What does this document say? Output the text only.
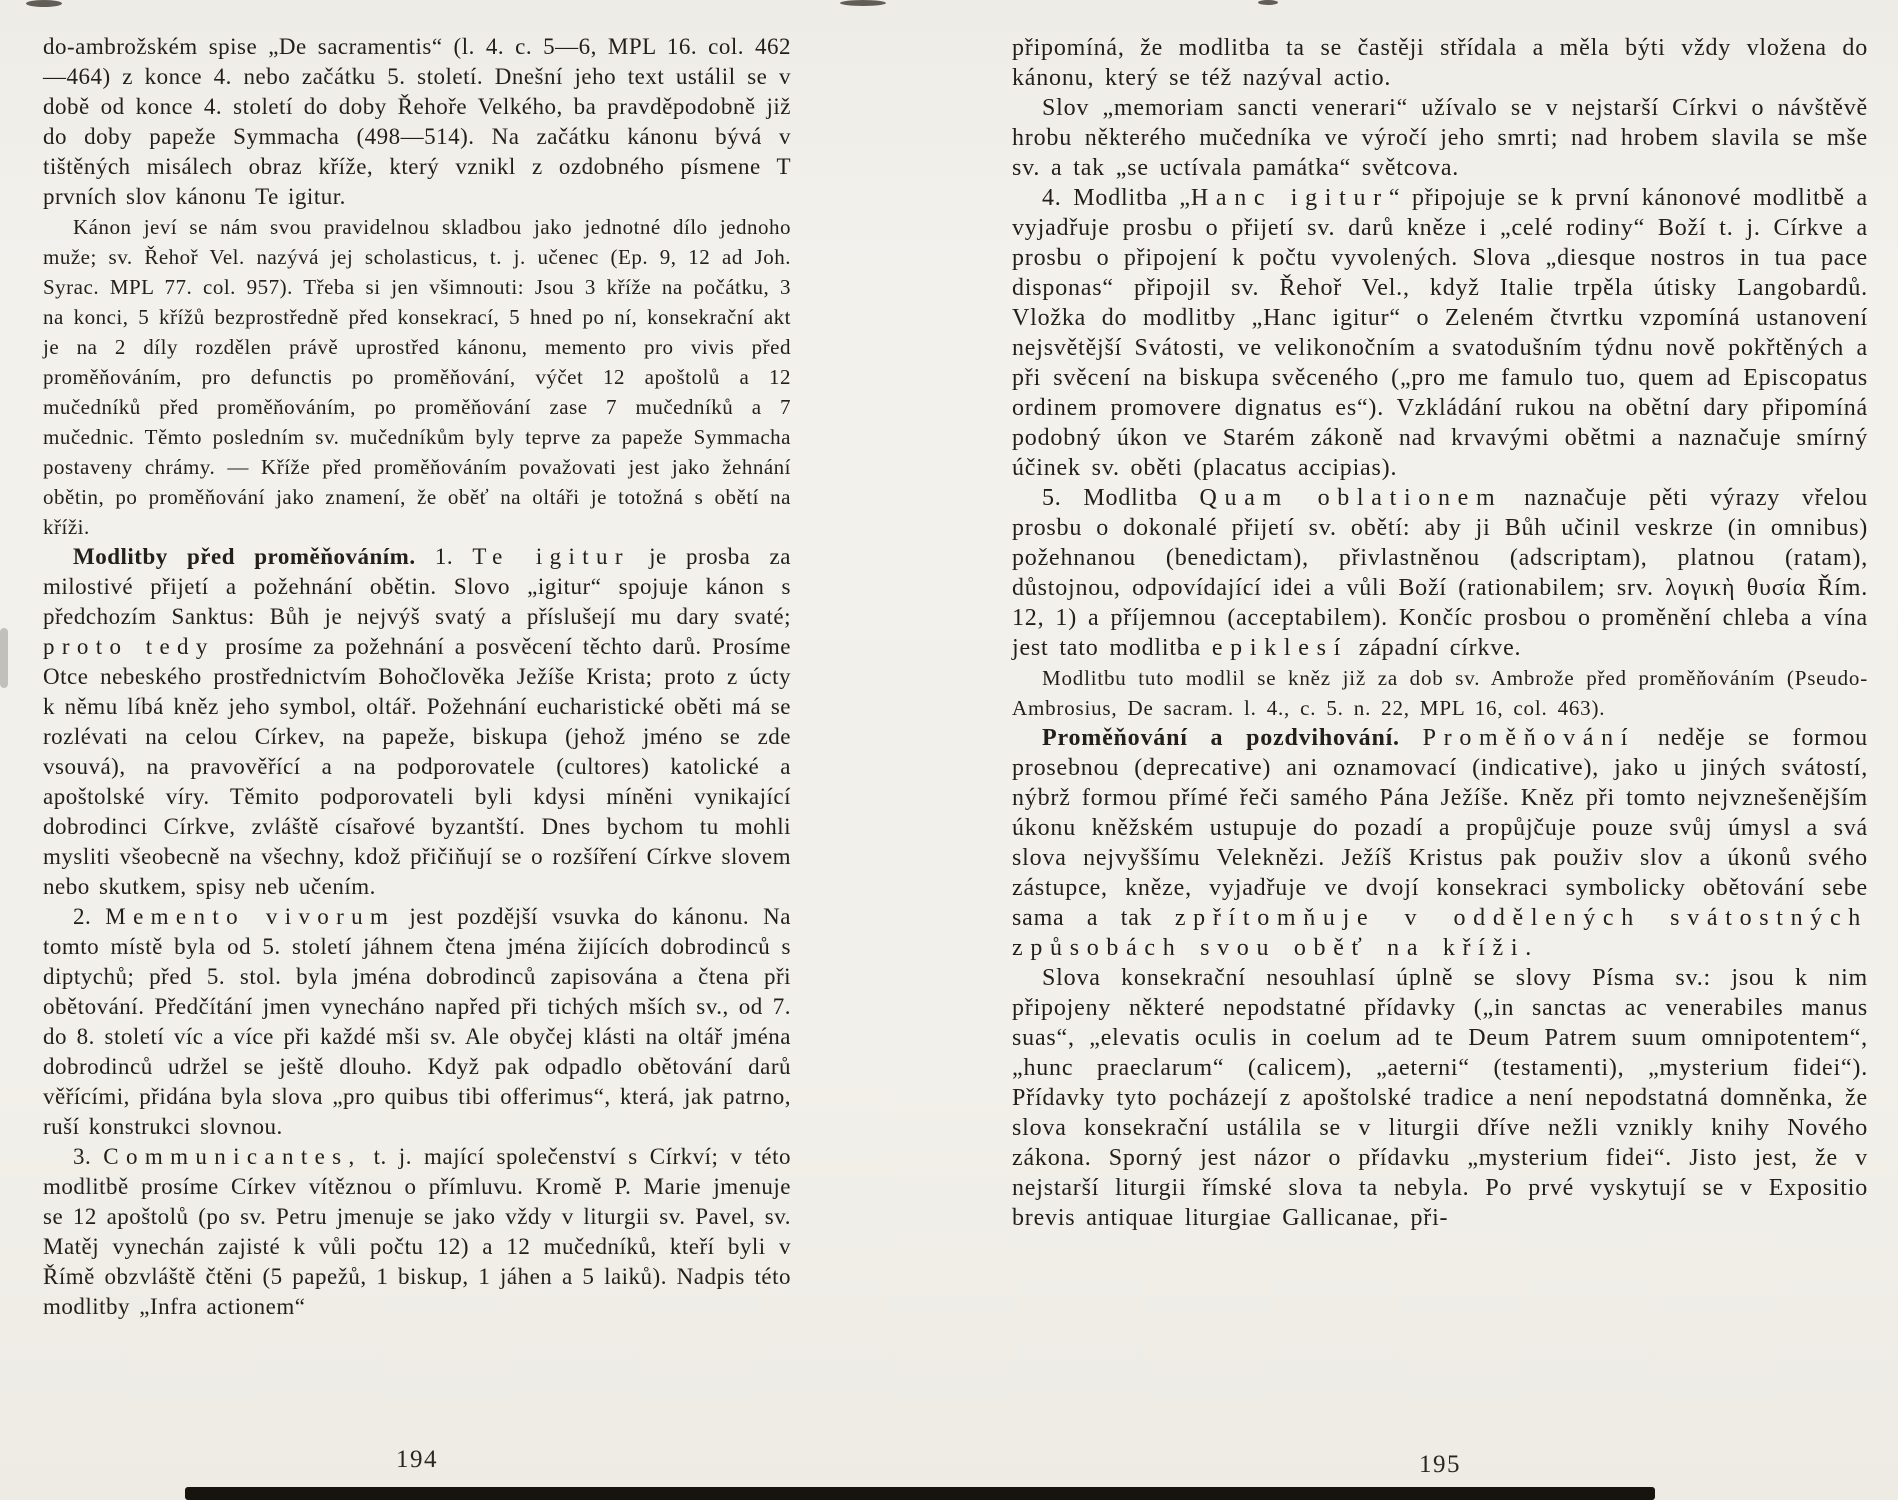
do-ambrožském spise „De sacramentis“ (l. 4. c. 5—6, MPL 16. col. 462—464) z konce 4. nebo začátku 5. století. Dnešní jeho text ustálil se v době od konce 4. století do doby Řehoře Velkého, ba pravděpodobně již do doby papeže Symmacha (498—514). Na začátku kánonu bývá v tištěných misálech obraz kříže, který vznikl z ozdobného písmene T prvních slov kánonu Te igitur.

Kánon jeví se nám svou pravidelnou skladbou jako jednotné dílo jednoho muže; sv. Řehoř Vel. nazývá jej scholasticus, t. j. učenec (Ep. 9, 12 ad Joh. Syrac. MPL 77. col. 957). Třeba si jen všimnouti: Jsou 3 kříže na počátku, 3 na konci, 5 křížů bezprostředně před konsekrací, 5 hned po ní, konsekrační akt je na 2 díly rozdělen právě uprostřed kánonu, memento pro vivis před proměňováním, pro defunctis po proměňování, výčet 12 apoštolů a 12 mučedníků před proměňováním, po proměňování zase 7 mučedníků a 7 mučednic. Těmto posledním sv. mučedníkům byly teprve za papeže Symmacha postaveny chrámy. — Kříže před proměňováním považovati jest jako žehnání obětin, po proměňování jako znamení, že oběť na oltáři je totožná s obětí na kříži.

Modlitby před proměňováním. 1. Te igitur je prosba za milostivé přijetí a požehnání obětin. Slovo „igitur“ spojuje kánon s předchozím Sanktus: Bůh je nejvýš svatý a příslušejí mu dary svaté; proto tedy prosíme za požehnání a posvěcení těchto darů. Prosíme Otce nebeského prostřednictvím Bohočlověka Ježíše Krista; proto z úcty k němu líbá kněz jeho symbol, oltář. Požehnání eucharistické oběti má se rozlévati na celou Církev, na papeže, biskupa (jehož jméno se zde vsouvá), na pravověřící a na podporovatele (cultores) katolické a apoštolské víry. Těmito podporovateli byli kdysi míněni vynikající dobrodinci Církve, zvláště císařové byzantští. Dnes bychom tu mohli mysliti všeobecně na všechny, kdož přičiňují se o rozšíření Církve slovem nebo skutkem, spisy neb učením.

2. Memento vivorum jest pozdější vsuvka do kánonu. Na tomto místě byla od 5. století jáhnem čtena jména žijících dobrodinců s diptychů; před 5. stol. byla jména dobrodinců zapisována a čtena při obětování. Předčítání jmen vynecháno napřed při tichých mších sv., od 7. do 8. století víc a více při každé mši sv. Ale obyčej klásti na oltář jména dobrodinců udržel se ještě dlouho. Když pak odpadlo obětování darů věřícími, přidána byla slova „pro quibus tibi offerimus“, která, jak patrno, ruší konstrukci slovnou.

3. Communicantes, t. j. mající společenství s Církví; v této modlitbě prosíme Církev vítěznou o přímluvu. Kromě P. Marie jmenuje se 12 apoštolů (po sv. Petru jmenuje se jako vždy v liturgii sv. Pavel, sv. Matěj vynechán zajisté k vůli počtu 12) a 12 mučedníků, kteří byli v Římě obzvláště čtěni (5 papežů, 1 biskup, 1 jáhen a 5 laiků). Nadpis této modlitby „Infra actionem“

připomíná, že modlitba ta se častěji střídala a měla býti vždy vložena do kánonu, který se též nazýval actio.

Slov „memoriam sancti venerari“ užívalo se v nejstarší Církvi o návštěvě hrobu některého mučedníka ve výročí jeho smrti; nad hrobem slavila se mše sv. a tak „se uctívala památka“ světcova.

4. Modlitba „Hanc igitur“ připojuje se k první kánonové modlitbě a vyjadřuje prosbu o přijetí sv. darů kněze i „celé rodiny“ Boží t. j. Církve a prosbu o připojení k počtu vyvolených. Slova „diesque nostros in tua pace disponas“ připojil sv. Řehoř Vel., když Italie trpěla útisky Langobardů. Vložka do modlitby „Hanc igitur“ o Zeleném čtvrtku vzpomíná ustanovení nejsvětější Svátosti, ve velikonočním a svatodušním týdnu nově pokřtěných a při svěcení na biskupa svěceného („pro me famulo tuo, quem ad Episcopatus ordinem promovere dignatus es“). Vzkládání rukou na obětní dary připomíná podobný úkon ve Starém zákoně nad krvavými obětmi a naznačuje smírný účinek sv. oběti (placatus accipias).

5. Modlitba Quam oblationem naznačuje pěti výrazy vřelou prosbu o dokonalé přijetí sv. obětí: aby ji Bůh učinil veskrze (in omnibus) požehnanou (benedictam), přivlastněnou (adscriptam), platnou (ratam), důstojnou, odpovídající idei a vůli Boží (rationabilem; srv. λογικὴ θυσία Řím. 12, 1) a příjemnou (acceptabilem). Končíc prosbou o proměnění chleba a vína jest tato modlitba epiklesí západní církve.

Modlitbu tuto modlil se kněz již za dob sv. Ambrože před proměňováním (Pseudo-Ambrosius, De sacram. l. 4., c. 5. n. 22, MPL 16, col. 463).

Proměňování a pozdvihování. Proměňování neděje se formou prosebnou (deprecative) ani oznamovací (indicative), jako u jiných svátostí, nýbrž formou přímé řeči samého Pána Ježíše. Kněz při tomto nejvznešenějším úkonu kněžském ustupuje do pozadí a propůjčuje pouze svůj úmysl a svá slova nejvyššímu Veleknězi. Ježíš Kristus pak použiv slov a úkonů svého zástupce, kněze, vyjadřuje ve dvojí konsekraci symbolicky obětování sebe sama a tak zpřítomňuje v oddělených svátostných způsobách svou oběť na kříži.

Slova konsekrační nesouhlasí úplně se slovy Písma sv.: jsou k nim připojeny některé nepodstatné přídavky („in sanctas ac venerabiles manus suas“, „elevatis oculis in coelum ad te Deum Patrem suum omnipotentem“, „hunc praeclarum“ (calicem), „aeterni“ (testamenti), „mysterium fidei“). Přídavky tyto pocházejí z apoštolské tradice a není nepodstatná domněnka, že slova konsekrační ustálila se v liturgii dříve nežli vznikly knihy Nového zákona. Sporný jest názor o přídavku „mysterium fidei“. Jisto jest, že v nejstarší liturgii římské slova ta nebyla. Po prvé vyskytují se v Expositio brevis antiquae liturgiae Gallicanae, při-

194	195
